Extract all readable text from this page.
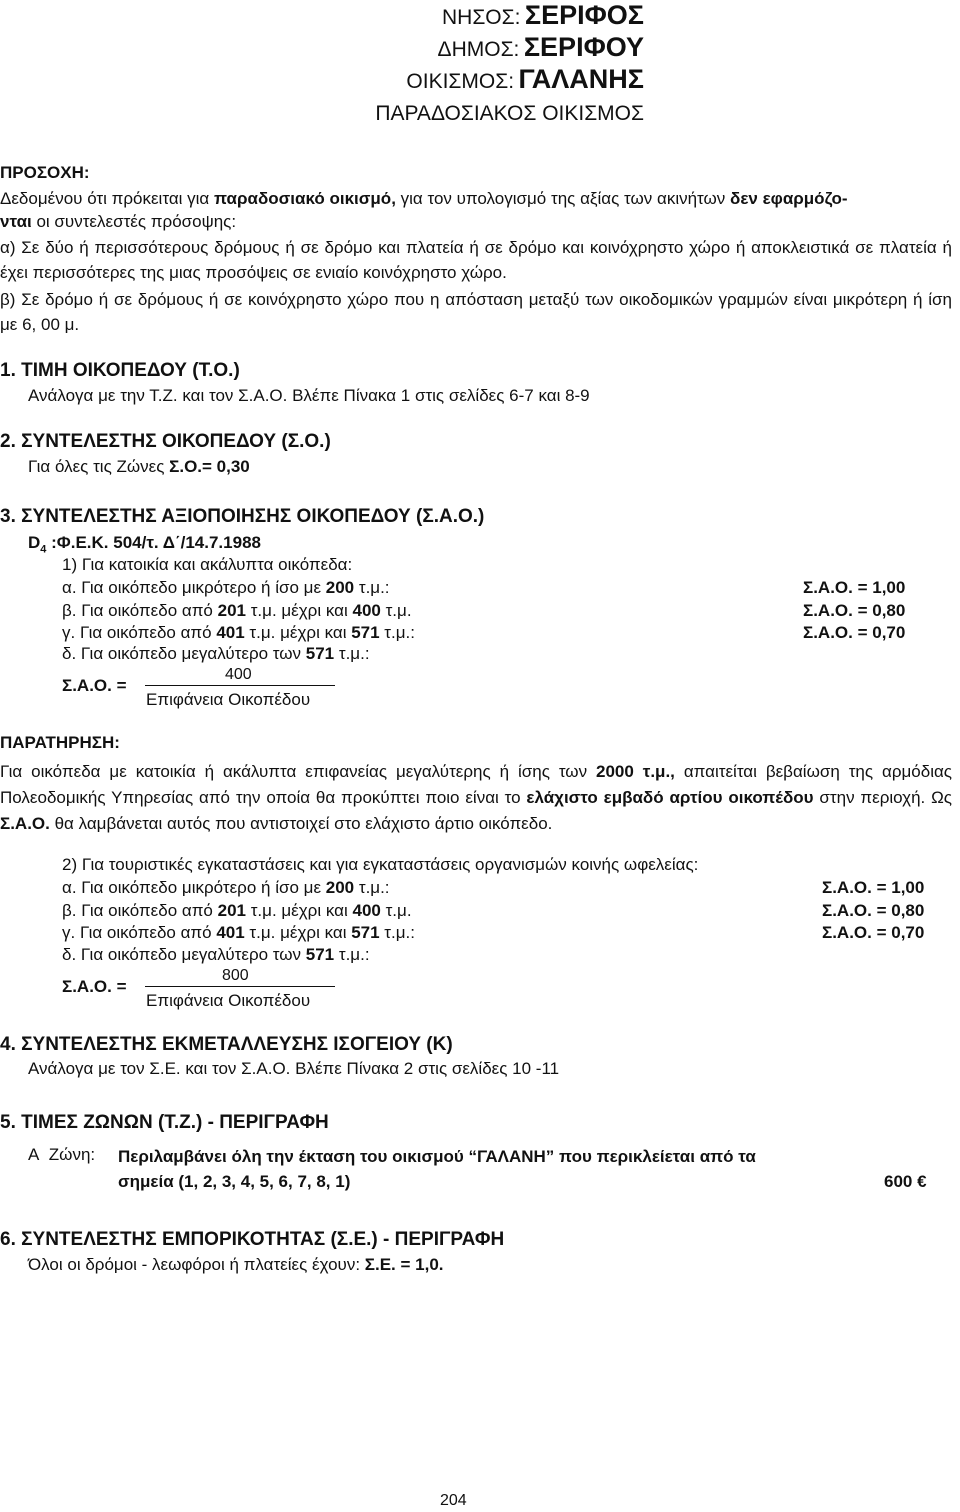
ΝΗΣΟΣ: ΣΕΡΙΦΟΣ
ΔΗΜΟΣ: ΣΕΡΙΦΟΥ
ΟΙΚΙΣΜΟΣ: ΓΑΛΑΝΗΣ
ΠΑΡΑΔΟΣΙΑΚΟΣ ΟΙΚΙΣΜΟΣ
ΠΡΟΣΟΧΗ:
Δεδομένου ότι πρόκειται για παραδοσιακό οικισμό, για τον υπολογισμό της αξίας των ακινήτων δεν εφαρμόζο-
νται οι συντελεστές πρόσοψης:
α) Σε δύο ή περισσότερους δρόμους ή σε δρόμο και πλατεία ή σε δρόμο και κοινόχρηστο χώρο ή αποκλειστικά σε πλατεία ή έχει περισσότερες της μιας προσόψεις σε ενιαίο κοινόχρηστο χώρο.
β) Σε δρόμο ή σε δρόμους ή σε κοινόχρηστο χώρο που η απόσταση μεταξύ των οικοδομικών γραμμών είναι μικρότερη ή ίση με 6, 00 μ.
1. ΤΙΜΗ ΟΙΚΟΠΕΔΟΥ (Τ.Ο.)
Ανάλογα με την Τ.Ζ. και τον Σ.Α.Ο. Βλέπε Πίνακα 1 στις σελίδες 6-7 και 8-9
2. ΣΥΝΤΕΛΕΣΤΗΣ ΟΙΚΟΠΕΔΟΥ (Σ.Ο.)
Για όλες τις Ζώνες Σ.Ο.= 0,30
3. ΣΥΝΤΕΛΕΣΤΗΣ ΑΞΙΟΠΟΙΗΣΗΣ ΟΙΚΟΠΕΔΟΥ (Σ.Α.Ο.)
$D_4$ :Φ.Ε.Κ. 504/τ. Δ΄/14.7.1988
1) Για κατοικία και ακάλυπτα οικόπεδα:
α. Για οικόπεδο μικρότερο ή ίσο με 200 τ.μ.:	Σ.Α.Ο. = 1,00
β. Για οικόπεδο από 201 τ.μ. μέχρι και 400 τ.μ.	Σ.Α.Ο. = 0,80
γ. Για οικόπεδο από 401 τ.μ. μέχρι και 571 τ.μ.:	Σ.Α.Ο. = 0,70
δ. Για οικόπεδο μεγαλύτερο των 571 τ.μ.:
Σ.Α.Ο. =
400
Επιφάνεια Οικοπέδου
ΠΑΡΑΤΗΡΗΣΗ:
Για οικόπεδα με κατοικία ή ακάλυπτα επιφανείας μεγαλύτερης ή ίσης των 2000 τ.μ., απαιτείται βεβαίωση της αρμόδιας Πολεοδομικής Υπηρεσίας από την οποία θα προκύπτει ποιο είναι το ελάχιστο εμβαδό αρτίου οικοπέδου στην περιοχή. Ως Σ.Α.Ο. θα λαμβάνεται αυτός που αντιστοιχεί στο ελάχιστο άρτιο οικόπεδο.
2) Για τουριστικές εγκαταστάσεις και για εγκαταστάσεις οργανισμών κοινής ωφελείας:
α. Για οικόπεδο μικρότερο ή ίσο με 200 τ.μ.:	Σ.Α.Ο. = 1,00
β. Για οικόπεδο από 201 τ.μ. μέχρι και 400 τ.μ.	Σ.Α.Ο. = 0,80
γ. Για οικόπεδο από 401 τ.μ. μέχρι και 571 τ.μ.:	Σ.Α.Ο. = 0,70
δ. Για οικόπεδο μεγαλύτερο των 571 τ.μ.:
Σ.Α.Ο. =
800
Επιφάνεια Οικοπέδου
4. ΣΥΝΤΕΛΕΣΤΗΣ ΕΚΜΕΤΑΛΛΕΥΣΗΣ ΙΣΟΓΕΙΟΥ (Κ)
Ανάλογα με τον Σ.Ε. και τον Σ.Α.Ο. Βλέπε Πίνακα 2 στις σελίδες 10 -11
5. ΤΙΜΕΣ ΖΩΝΩΝ (Τ.Ζ.) - ΠΕΡΙΓΡΑΦΗ
Α Ζώνη: Περιλαμβάνει όλη την έκταση του οικισμού “ΓΑΛΑΝΗ” που περικλείεται από τα
σημεία (1, 2, 3, 4, 5, 6, 7, 8, 1)	600 €
6. ΣΥΝΤΕΛΕΣΤΗΣ ΕΜΠΟΡΙΚΟΤΗΤΑΣ (Σ.Ε.) - ΠΕΡΙΓΡΑΦΗ
Όλοι οι δρόμοι - λεωφόροι ή πλατείες έχουν: Σ.Ε. = 1,0.
204
